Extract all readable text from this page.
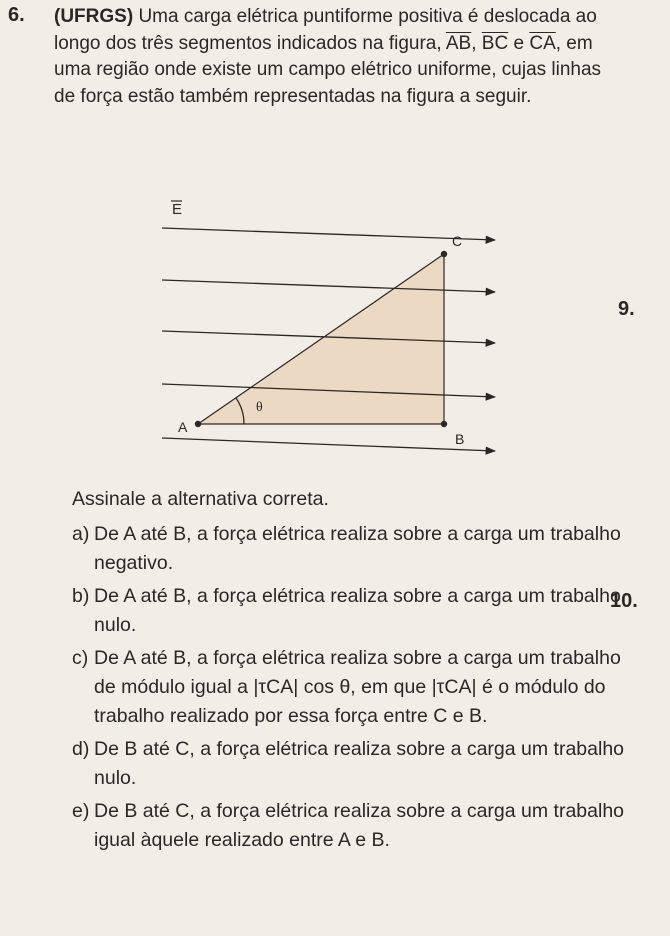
6. (UFRGS) Uma carga elétrica puntiforme positiva é deslocada ao longo dos três segmentos indicados na figura, $\overline{AB}$, $\overline{BC}$ e $\overline{CA}$, em uma região onde existe um campo elétrico uniforme, cujas linhas de força estão também representadas na figura a seguir.
E
A
B
C
θ
9.
Assinale a alternativa correta.
a) De A até B, a força elétrica realiza sobre a carga um trabalho negativo.
b) De A até B, a força elétrica realiza sobre a carga um trabalho nulo.
c) De A até B, a força elétrica realiza sobre a carga um trabalho de módulo igual a |τCA| cos θ, em que |τCA| é o módulo do trabalho realizado por essa força entre C e B.
d) De B até C, a força elétrica realiza sobre a carga um trabalho nulo.
e) De B até C, a força elétrica realiza sobre a carga um trabalho igual àquele realizado entre A e B.
10.
